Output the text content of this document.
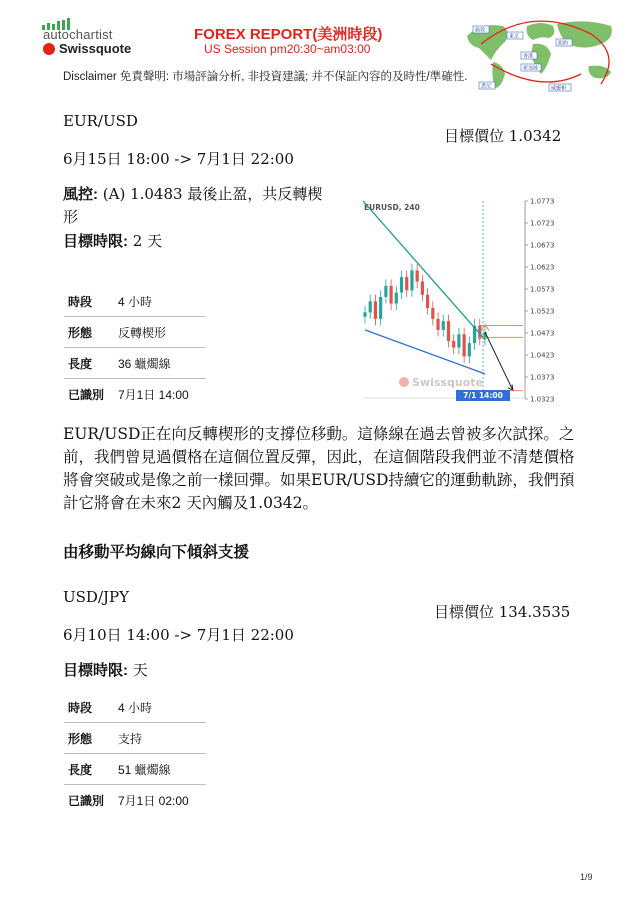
autochartist
Swissquote
FOREX REPORT(美洲時段)
US Session pm20:30~am03:00
倫敦
東京
紐約
香港
新加坡
悉尼	威靈頓
Disclaimer 免責聲明: 市場評論分析, 非投資建議; 并不保証內容的及時性/準確性.
EUR/USD
目標價位 1.0342
6月15日 18:00 -> 7月1日 22:00
風控: (A) 1.0483 最後止盈，共反轉楔形
目標時限: 2 天
時段	4 小時
形態	反轉楔形
長度	36 蠟燭線
已識別	7月1日 14:00
EURUSD, 240
1.0773
1.0723
1.0673
1.0623
1.0573
1.0523
1.0473
1.0423
1.0373
1.0323
7/1 14:00
Swissquote
EUR/USD正在向反轉楔形的支撐位移動。這條線在過去曾被多次試探。之前，我們曾見過價格在這個位置反彈，因此，在這個階段我們並不清楚價格將會突破或是像之前一樣回彈。如果EUR/USD持續它的運動軌跡，我們預計它將會在未來2 天內觸及1.0342。
由移動平均線向下傾斜支援
USD/JPY
目標價位 134.3535
6月10日 14:00 -> 7月1日 22:00
目標時限: 天
時段	4 小時
形態	支持
長度	51 蠟燭線
已識別	7月1日 02:00
1/9
